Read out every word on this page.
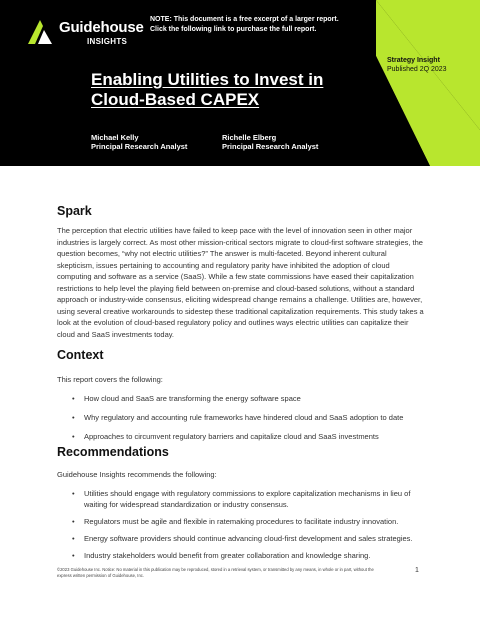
Guidehouse
INSIGHTS
NOTE: This document is a free excerpt of a larger report.
Click the following link to purchase the full report.
Strategy Insight
Published 2Q 2023
Enabling Utilities to Invest in
Cloud-Based CAPEX
Michael Kelly
Principal Research Analyst
Richelle Elberg
Principal Research Analyst
Spark

The perception that electric utilities have failed to keep pace with the level of innovation seen in other major industries is largely correct. As most other mission-critical sectors migrate to cloud-first software strategies, the question becomes, “why not electric utilities?” The answer is multi-faceted. Beyond inherent cultural skepticism, issues pertaining to accounting and regulatory parity have inhibited the adoption of cloud computing and software as a service (SaaS). While a few state commissions have eased their capitalization restrictions to help level the playing field between on-premise and cloud-based solutions, without a standard approach or industry-wide consensus, eliciting widespread change remains a challenge. Utilities are, however, using several creative workarounds to sidestep these traditional capitalization requirements. This study takes a look at the evolution of cloud-based regulatory policy and outlines ways electric utilities can capitalize their cloud and SaaS investments today.

Context

This report covers the following:

• How cloud and SaaS are transforming the energy software space
• Why regulatory and accounting rule frameworks have hindered cloud and SaaS adoption to date
• Approaches to circumvent regulatory barriers and capitalize cloud and SaaS investments
Recommendations

Guidehouse Insights recommends the following:

• Utilities should engage with regulatory commissions to explore capitalization mechanisms in lieu of waiting for widespread standardization or industry consensus.
• Regulators must be agile and flexible in ratemaking procedures to facilitate industry innovation.
• Energy software providers should continue advancing cloud-first development and sales strategies.
• Industry stakeholders would benefit from greater collaboration and knowledge sharing.
©2023 Guidehouse Inc. Notice: No material in this publication may be reproduced, stored in a retrieval system, or transmitted by any means, in whole or in part, without the express written permission of Guidehouse, Inc.
1
